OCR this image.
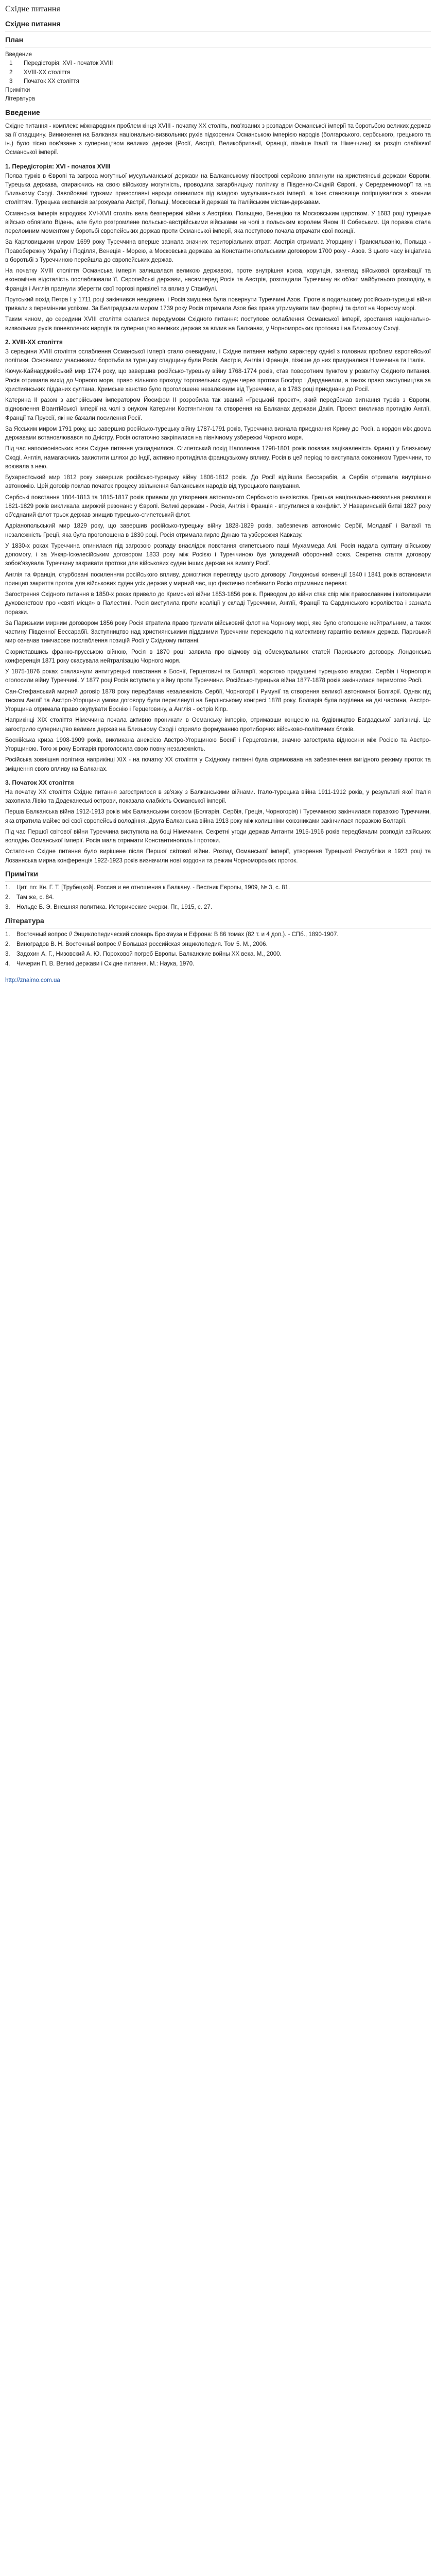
Східне питання
Східне питання
План
Введение
1 Передісторія: XVI - початок XVIII
2 XVIII-XX століття
3 Початок XX століття
Примітки
Література
Введение

Східне питання - комплекс міжнародних проблем кінця XVIII - початку XX століть, пов'язаних з розпадом Османської імперії та боротьбою великих держав за її спадщину. Виникнення на Балканах національно-визвольних рухів підкорених Османською імперією народів (болгарського, сербського, грецького та ін.) було тісно пов'язане з суперництвом великих держав (Росії, Австрії, Великобританії, Франції, пізніше Італії та Німеччини) за розділ слабіючої Османської імперії.

1. Передісторія: XVI - початок XVIII

Поява турків в Європі та загроза могутньої мусульманської держави на Балканському півострові серйозно вплинули на християнські держави Європи. Турецька держава, спираючись на свою військову могутність, проводила загарбницьку політику в Південно-Східній Європі, у Середземномор'ї та на Близькому Сході. Завойовані турками православні народи опинилися під владою мусульманської імперії, а їхнє становище погіршувалося з кожним століттям. Турецька експансія загрожувала Австрії, Польщі, Московській державі та італійським містам-державам.

Османська імперія впродовж XVI-XVII століть вела безперервні війни з Австрією, Польщею, Венецією та Московським царством. У 1683 році турецьке військо облягало Відень, але було розгромлене польсько-австрійськими військами на чолі з польським королем Яном III Собеським. Ця поразка стала переломним моментом у боротьбі європейських держав проти Османської імперії, яка поступово почала втрачати свої позиції.

За Карловицьким миром 1699 року Туреччина вперше зазнала значних територіальних втрат: Австрія отримала Угорщину і Трансильванію, Польща - Правобережну Україну і Поділля, Венеція - Морею, а Московська держава за Константинопольським договором 1700 року - Азов. З цього часу ініціатива в боротьбі з Туреччиною перейшла до європейських держав.

На початку XVIII століття Османська імперія залишалася великою державою, проте внутрішня криза, корупція, занепад військової організації та економічна відсталість послаблювали її. Європейські держави, насамперед Росія та Австрія, розглядали Туреччину як об'єкт майбутнього розподілу, а Франція і Англія прагнули зберегти свої торгові привілеї та вплив у Стамбулі.

Прутський похід Петра I у 1711 році закінчився невдачею, і Росія змушена була повернути Туреччині Азов. Проте в подальшому російсько-турецькі війни тривали з перемінним успіхом. За Белградським миром 1739 року Росія отримала Азов без права утримувати там фортеці та флот на Чорному морі.

Таким чином, до середини XVIII століття склалися передумови Східного питання: поступове ослаблення Османської імперії, зростання національно-визвольних рухів поневолених народів та суперництво великих держав за вплив на Балканах, у Чорноморських протоках і на Близькому Сході.

2. XVIII-XX століття

З середини XVIII століття ослаблення Османської імперії стало очевидним, і Східне питання набуло характеру однієї з головних проблем європейської політики. Основними учасниками боротьби за турецьку спадщину були Росія, Австрія, Англія і Франція, пізніше до них приєдналися Німеччина та Італія.

Кючук-Кайнарджийський мир 1774 року, що завершив російсько-турецьку війну 1768-1774 років, став поворотним пунктом у розвитку Східного питання. Росія отримала вихід до Чорного моря, право вільного проходу торговельних суден через протоки Босфор і Дарданелли, а також право заступництва за християнських підданих султана. Кримське ханство було проголошене незалежним від Туреччини, а в 1783 році приєднане до Росії.

Катерина II разом з австрійським імператором Йосифом II розробила так званий «Грецький проект», який передбачав вигнання турків з Європи, відновлення Візантійської імперії на чолі з онуком Катерини Костянтином та створення на Балканах держави Дакія. Проект викликав протидію Англії, Франції та Пруссії, які не бажали посилення Росії.

За Ясським миром 1791 року, що завершив російсько-турецьку війну 1787-1791 років, Туреччина визнала приєднання Криму до Росії, а кордон між двома державами встановлювався по Дністру. Росія остаточно закріпилася на північному узбережжі Чорного моря.

Під час наполеонівських воєн Східне питання ускладнилося. Єгипетський похід Наполеона 1798-1801 років показав зацікавленість Франції у Близькому Сході. Англія, намагаючись захистити шляхи до Індії, активно протидіяла французькому впливу. Росія в цей період то виступала союзником Туреччини, то воювала з нею.

Бухарестський мир 1812 року завершив російсько-турецьку війну 1806-1812 років. До Росії відійшла Бессарабія, а Сербія отримала внутрішню автономію. Цей договір поклав початок процесу звільнення балканських народів від турецького панування.

Сербські повстання 1804-1813 та 1815-1817 років привели до утворення автономного Сербського князівства. Грецька національно-визвольна революція 1821-1829 років викликала широкий резонанс у Європі. Великі держави - Росія, Англія і Франція - втрутилися в конфлікт. У Наваринській битві 1827 року об'єднаний флот трьох держав знищив турецько-єгипетський флот.

Адріанопольський мир 1829 року, що завершив російсько-турецьку війну 1828-1829 років, забезпечив автономію Сербії, Молдавії і Валахії та незалежність Греції, яка була проголошена в 1830 році. Росія отримала гирло Дунаю та узбережжя Кавказу.

У 1830-х роках Туреччина опинилася під загрозою розпаду внаслідок повстання єгипетського паші Мухаммеда Алі. Росія надала султану військову допомогу, і за Ункяр-Іскелесійським договором 1833 року між Росією і Туреччиною був укладений оборонний союз. Секретна стаття договору зобов'язувала Туреччину закривати протоки для військових суден інших держав на вимогу Росії.

Англія та Франція, стурбовані посиленням російського впливу, домоглися перегляду цього договору. Лондонські конвенції 1840 і 1841 років встановили принцип закриття проток для військових суден усіх держав у мирний час, що фактично позбавило Росію отриманих переваг.

Загострення Східного питання в 1850-х роках привело до Кримської війни 1853-1856 років. Приводом до війни став спір між православним і католицьким духовенством про «святі місця» в Палестині. Росія виступила проти коаліції у складі Туреччини, Англії, Франції та Сардинського королівства і зазнала поразки.

За Паризьким мирним договором 1856 року Росія втратила право тримати військовий флот на Чорному морі, яке було оголошене нейтральним, а також частину Південної Бессарабії. Заступництво над християнськими підданими Туреччини переходило під колективну гарантію великих держав. Паризький мир означав тимчасове послаблення позицій Росії у Східному питанні.

Скориставшись франко-прусською війною, Росія в 1870 році заявила про відмову від обмежувальних статей Паризького договору. Лондонська конференція 1871 року скасувала нейтралізацію Чорного моря.

У 1875-1876 роках спалахнули антитурецькі повстання в Боснії, Герцеговині та Болгарії, жорстоко придушені турецькою владою. Сербія і Чорногорія оголосили війну Туреччині. У 1877 році Росія вступила у війну проти Туреччини. Російсько-турецька війна 1877-1878 років закінчилася перемогою Росії.

Сан-Стефанський мирний договір 1878 року передбачав незалежність Сербії, Чорногорії і Румунії та створення великої автономної Болгарії. Однак під тиском Англії та Австро-Угорщини умови договору були переглянуті на Берлінському конгресі 1878 року. Болгарія була поділена на дві частини, Австро-Угорщина отримала право окупувати Боснію і Герцеговину, а Англія - острів Кіпр.

Наприкінці XIX століття Німеччина почала активно проникати в Османську імперію, отримавши концесію на будівництво Багдадської залізниці. Це загострило суперництво великих держав на Близькому Сході і сприяло формуванню протиборчих військово-політичних блоків.

Боснійська криза 1908-1909 років, викликана анексією Австро-Угорщиною Боснії і Герцеговини, значно загострила відносини між Росією та Австро-Угорщиною. Того ж року Болгарія проголосила свою повну незалежність.

Російська зовнішня політика наприкінці XIX - на початку XX століття у Східному питанні була спрямована на забезпечення вигідного режиму проток та зміцнення свого впливу на Балканах.

3. Початок XX століття

На початку XX століття Східне питання загострилося в зв'язку з Балканськими війнами. Італо-турецька війна 1911-1912 років, у результаті якої Італія захопила Лівію та Додеканеські острови, показала слабкість Османської імперії.

Перша Балканська війна 1912-1913 років між Балканським союзом (Болгарія, Сербія, Греція, Чорногорія) і Туреччиною закінчилася поразкою Туреччини, яка втратила майже всі свої європейські володіння. Друга Балканська війна 1913 року між колишніми союзниками закінчилася поразкою Болгарії.

Під час Першої світової війни Туреччина виступила на боці Німеччини. Секретні угоди держав Антанти 1915-1916 років передбачали розподіл азійських володінь Османської імперії. Росія мала отримати Константинополь і протоки.

Остаточно Східне питання було вирішене після Першої світової війни. Розпад Османської імперії, утворення Турецької Республіки в 1923 році та Лозаннська мирна конференція 1922-1923 років визначили нові кордони та режим Чорноморських проток.

Примітки
1.	Цит. по: Кн. Г. Т. [Трубецкой]. Россия и ее отношения к Балкану. - Вестник Европы, 1909, № 3, с. 81.
2.	Там же, с. 84.
3.	Нольде Б. Э. Внешняя политика. Исторические очерки. Пг., 1915, с. 27.
Література
1.	Восточный вопрос // Энциклопедический словарь Брокгауза и Ефрона: В 86 томах (82 т. и 4 доп.). - СПб., 1890-1907.
2.	Виноградов В. Н. Восточный вопрос // Большая российская энциклопедия. Том 5. М., 2006.
3.	Задохин А. Г., Низовский А. Ю. Пороховой погреб Европы. Балканские войны XX века. М., 2000.
4.	Чичерин П. В. Великі держави і Східне питання. М.: Наука, 1970.
http://znaimo.com.ua
